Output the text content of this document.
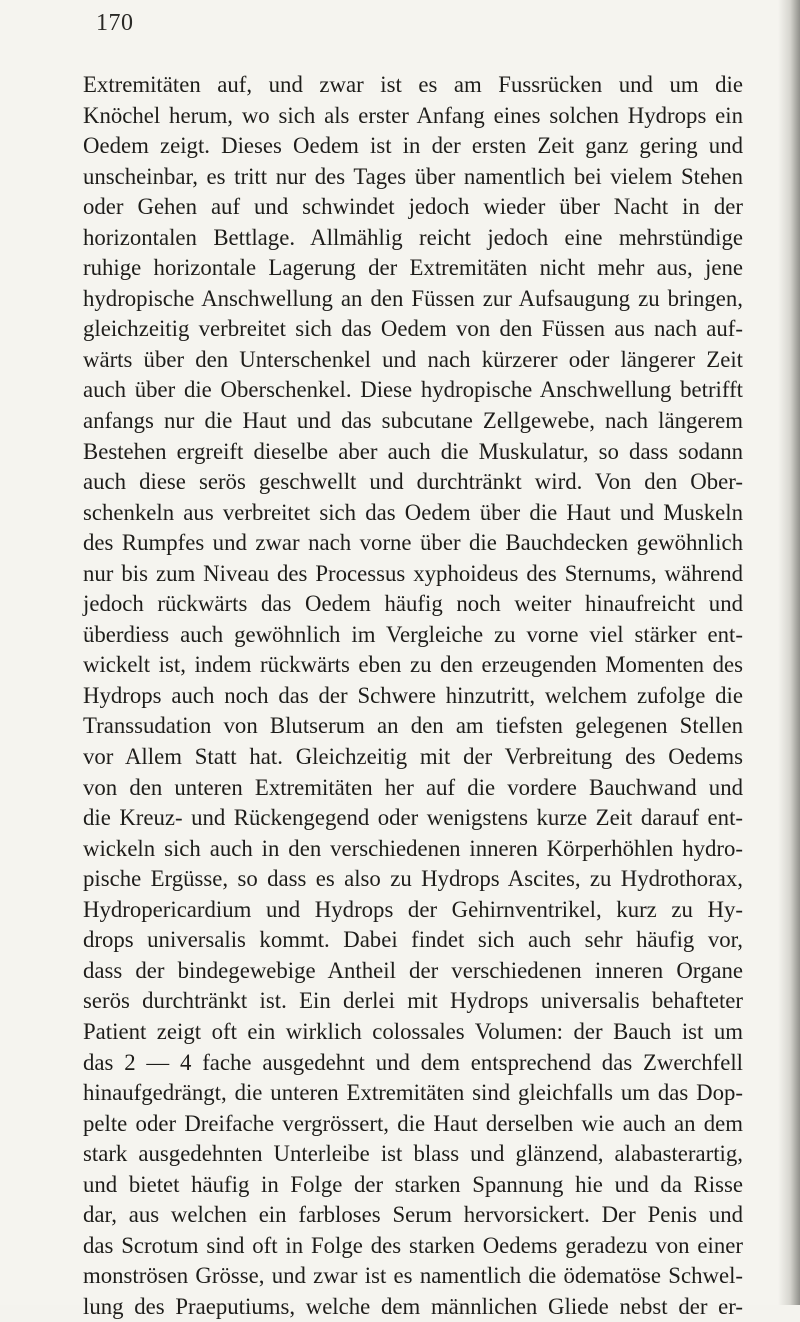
170
Extremitäten auf, und zwar ist es am Fussrücken und um die
Knöchel herum, wo sich als erster Anfang eines solchen Hydrops ein
Oedem zeigt. Dieses Oedem ist in der ersten Zeit ganz gering und
unscheinbar, es tritt nur des Tages über namentlich bei vielem Stehen
oder Gehen auf und schwindet jedoch wieder über Nacht in der
horizontalen Bettlage. Allmählig reicht jedoch eine mehrstündige
ruhige horizontale Lagerung der Extremitäten nicht mehr aus, jene
hydropische Anschwellung an den Füssen zur Aufsaugung zu bringen,
gleichzeitig verbreitet sich das Oedem von den Füssen aus nach auf-
wärts über den Unterschenkel und nach kürzerer oder längerer Zeit
auch über die Oberschenkel. Diese hydropische Anschwellung betrifft
anfangs nur die Haut und das subcutane Zellgewebe, nach längerem
Bestehen ergreift dieselbe aber auch die Muskulatur, so dass sodann
auch diese serös geschwellt und durchtränkt wird. Von den Ober-
schenkeln aus verbreitet sich das Oedem über die Haut und Muskeln
des Rumpfes und zwar nach vorne über die Bauchdecken gewöhnlich
nur bis zum Niveau des Processus xyphoideus des Sternums, während
jedoch rückwärts das Oedem häufig noch weiter hinaufreicht und
überdiess auch gewöhnlich im Vergleiche zu vorne viel stärker ent-
wickelt ist, indem rückwärts eben zu den erzeugenden Momenten des
Hydrops auch noch das der Schwere hinzutritt, welchem zufolge die
Transsudation von Blutserum an den am tiefsten gelegenen Stellen
vor Allem Statt hat. Gleichzeitig mit der Verbreitung des Oedems
von den unteren Extremitäten her auf die vordere Bauchwand und
die Kreuz- und Rückengegend oder wenigstens kurze Zeit darauf ent-
wickeln sich auch in den verschiedenen inneren Körperhöhlen hydro-
pische Ergüsse, so dass es also zu Hydrops Ascites, zu Hydrothorax,
Hydropericardium und Hydrops der Gehirnventrikel, kurz zu Hy-
drops universalis kommt. Dabei findet sich auch sehr häufig vor,
dass der bindegewebige Antheil der verschiedenen inneren Organe
serös durchtränkt ist. Ein derlei mit Hydrops universalis behafteter
Patient zeigt oft ein wirklich colossales Volumen: der Bauch ist um
das 2 — 4 fache ausgedehnt und dem entsprechend das Zwerchfell
hinaufgedrängt, die unteren Extremitäten sind gleichfalls um das Dop-
pelte oder Dreifache vergrössert, die Haut derselben wie auch an dem
stark ausgedehnten Unterleibe ist blass und glänzend, alabasterartig,
und bietet häufig in Folge der starken Spannung hie und da Risse
dar, aus welchen ein farbloses Serum hervorsickert. Der Penis und
das Scrotum sind oft in Folge des starken Oedems geradezu von einer
monströsen Grösse, und zwar ist es namentlich die ödematöse Schwel-
lung des Praeputiums, welche dem männlichen Gliede nebst der er-
